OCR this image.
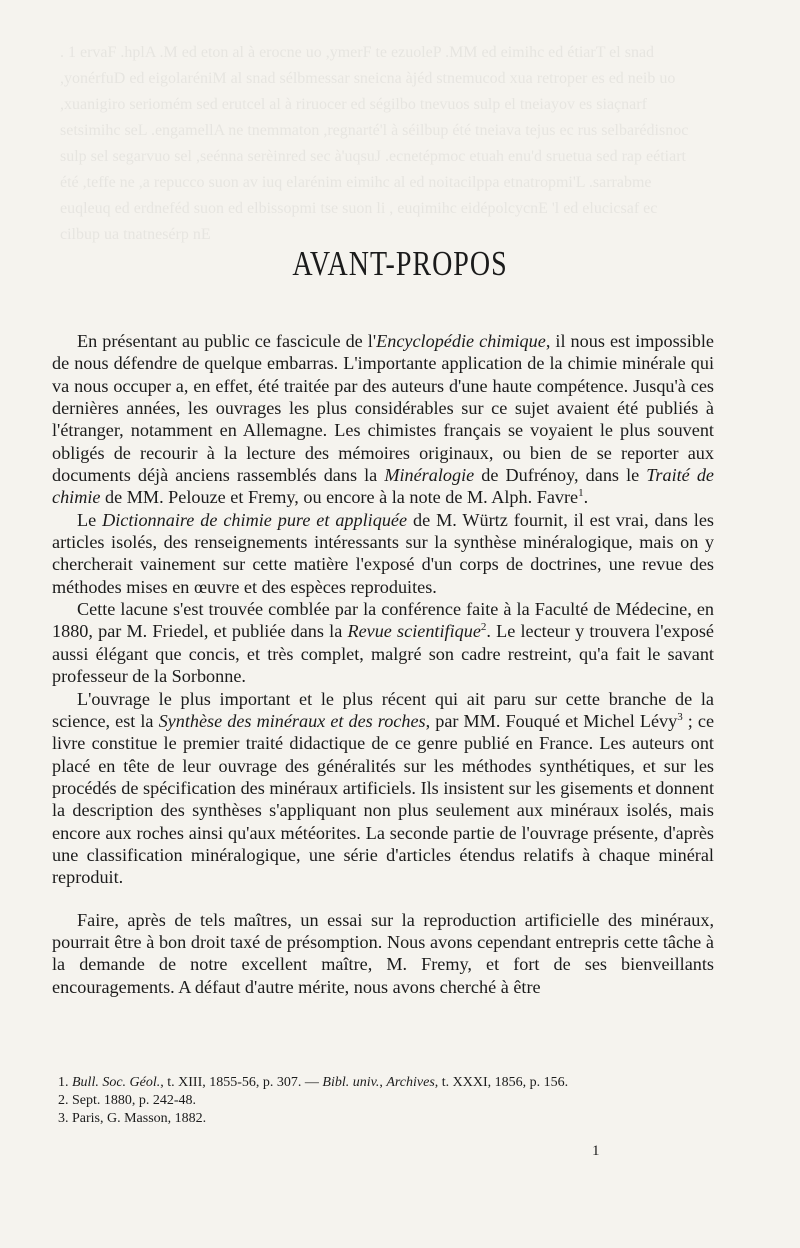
. 1 ervaF .hplA .M ed eton al à erocne uo ,ymerF te ezuoleP .MM ed eimihc ed étiarT el snad ,yonérfuD ed eigolaréniM al snad sélbmessar sneicna àjéd stnemucod xua retroper es ed neib uo ,xuanigiro seriomém sed erutcel al à riruocer ed ségilbo tnevuos sulp el tneiayov es siaçnarf setsimihc seL .engamellA ne tnemmaton ,regnarté'l à séilbup été tneiava tejus ec rus selbarédisnoc sulp sel segarvuo sel ,seénna serèinred sec à'uqsuJ .ecnetépmoc etuah enu'd sruetua sed rap eétiart été ,teffe ne ,a repucco suon av iuq elarénim eimihc al ed noitacilppa etnatropmi'L .sarrabme euqleuq ed erdneféd suon ed elbissopmi tse suon li , euqimihc eidépolcycnE 'l ed elucicsaf ec cilbup ua tnatnesérp nE
AVANT-PROPOS

En présentant au public ce fascicule de l'Encyclopédie chimique, il nous est impossible de nous défendre de quelque embarras. L'importante application de la chimie minérale qui va nous occuper a, en effet, été traitée par des auteurs d'une haute compétence. Jusqu'à ces dernières années, les ouvrages les plus considérables sur ce sujet avaient été publiés à l'étranger, notamment en Allemagne. Les chimistes français se voyaient le plus souvent obligés de recourir à la lecture des mémoires originaux, ou bien de se reporter aux documents déjà anciens rassemblés dans la Minéralogie de Dufrénoy, dans le Traité de chimie de MM. Pelouze et Fremy, ou encore à la note de M. Alph. Favre$^1$.

Le Dictionnaire de chimie pure et appliquée de M. Würtz fournit, il est vrai, dans les articles isolés, des renseignements intéressants sur la synthèse minéralogique, mais on y chercherait vainement sur cette matière l'exposé d'un corps de doctrines, une revue des méthodes mises en œuvre et des espèces reproduites.

Cette lacune s'est trouvée comblée par la conférence faite à la Faculté de Médecine, en 1880, par M. Friedel, et publiée dans la Revue scientifique$^2$. Le lecteur y trouvera l'exposé aussi élégant que concis, et très complet, malgré son cadre restreint, qu'a fait le savant professeur de la Sorbonne.

L'ouvrage le plus important et le plus récent qui ait paru sur cette branche de la science, est la Synthèse des minéraux et des roches, par MM. Fouqué et Michel Lévy$^3$ ; ce livre constitue le premier traité didactique de ce genre publié en France. Les auteurs ont placé en tête de leur ouvrage des généralités sur les méthodes synthétiques, et sur les procédés de spécification des minéraux artificiels. Ils insistent sur les gisements et donnent la description des synthèses s'appliquant non plus seulement aux minéraux isolés, mais encore aux roches ainsi qu'aux météorites. La seconde partie de l'ouvrage présente, d'après une classification minéralogique, une série d'articles étendus relatifs à chaque minéral reproduit.

Faire, après de tels maîtres, un essai sur la reproduction artificielle des minéraux, pourrait être à bon droit taxé de présomption. Nous avons cependant entrepris cette tâche à la demande de notre excellent maître, M. Fremy, et fort de ses bienveillants encouragements. A défaut d'autre mérite, nous avons cherché à être

1. Bull. Soc. Géol., t. XIII, 1855-56, p. 307. — Bibl. univ., Archives, t. XXXI, 1856, p. 156.

2. Sept. 1880, p. 242-48.

3. Paris, G. Masson, 1882.

1
